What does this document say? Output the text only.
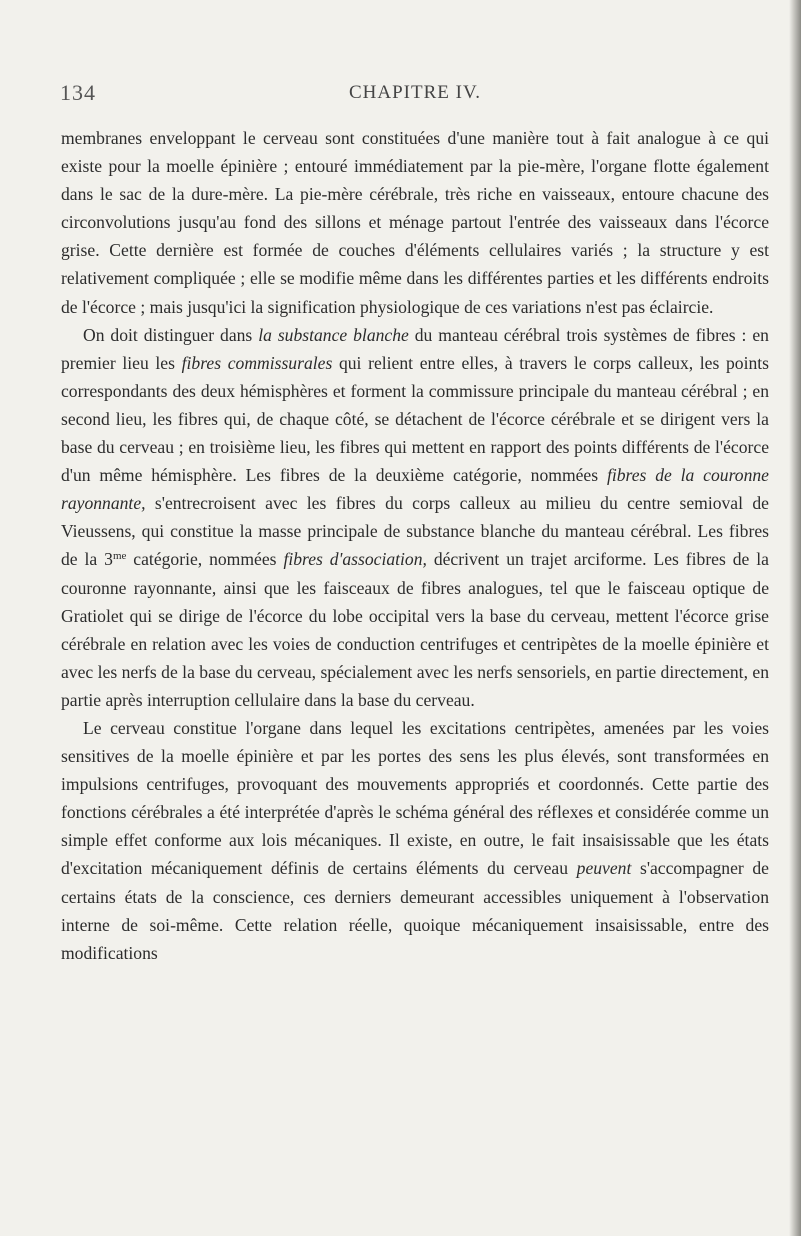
134	CHAPITRE IV.

membranes enveloppant le cerveau sont constituées d'une manière tout à fait analogue à ce qui existe pour la moelle épinière ; entouré immédiatement par la pie-mère, l'organe flotte également dans le sac de la dure-mère. La pie-mère cérébrale, très riche en vaisseaux, entoure chacune des circonvolutions jusqu'au fond des sillons et ménage partout l'entrée des vaisseaux dans l'écorce grise. Cette dernière est formée de couches d'éléments cellulaires variés ; la structure y est relativement compliquée ; elle se modifie même dans les différentes parties et les différents endroits de l'écorce ; mais jusqu'ici la signification physiologique de ces variations n'est pas éclaircie.

On doit distinguer dans la substance blanche du manteau cérébral trois systèmes de fibres : en premier lieu les fibres commissurales qui relient entre elles, à travers le corps calleux, les points correspondants des deux hémisphères et forment la commissure principale du manteau cérébral ; en second lieu, les fibres qui, de chaque côté, se détachent de l'écorce cérébrale et se dirigent vers la base du cerveau ; en troisième lieu, les fibres qui mettent en rapport des points différents de l'écorce d'un même hémisphère. Les fibres de la deuxième catégorie, nommées fibres de la couronne rayonnante, s'entrecroisent avec les fibres du corps calleux au milieu du centre semioval de Vieussens, qui constitue la masse principale de substance blanche du manteau cérébral. Les fibres de la $3^{me}$ catégorie, nommées fibres d'association, décrivent un trajet arciforme. Les fibres de la couronne rayonnante, ainsi que les faisceaux de fibres analogues, tel que le faisceau optique de Gratiolet qui se dirige de l'écorce du lobe occipital vers la base du cerveau, mettent l'écorce grise cérébrale en relation avec les voies de conduction centrifuges et centripètes de la moelle épinière et avec les nerfs de la base du cerveau, spécialement avec les nerfs sensoriels, en partie directement, en partie après interruption cellulaire dans la base du cerveau.

Le cerveau constitue l'organe dans lequel les excitations centripètes, amenées par les voies sensitives de la moelle épinière et par les portes des sens les plus élevés, sont transformées en impulsions centrifuges, provoquant des mouvements appropriés et coordonnés. Cette partie des fonctions cérébrales a été interprétée d'après le schéma général des réflexes et considérée comme un simple effet conforme aux lois mécaniques. Il existe, en outre, le fait insaisissable que les états d'excitation mécaniquement définis de certains éléments du cerveau peuvent s'accompagner de certains états de la conscience, ces derniers demeurant accessibles uniquement à l'observation interne de soi-même. Cette relation réelle, quoique mécaniquement insaisissable, entre des modifications
